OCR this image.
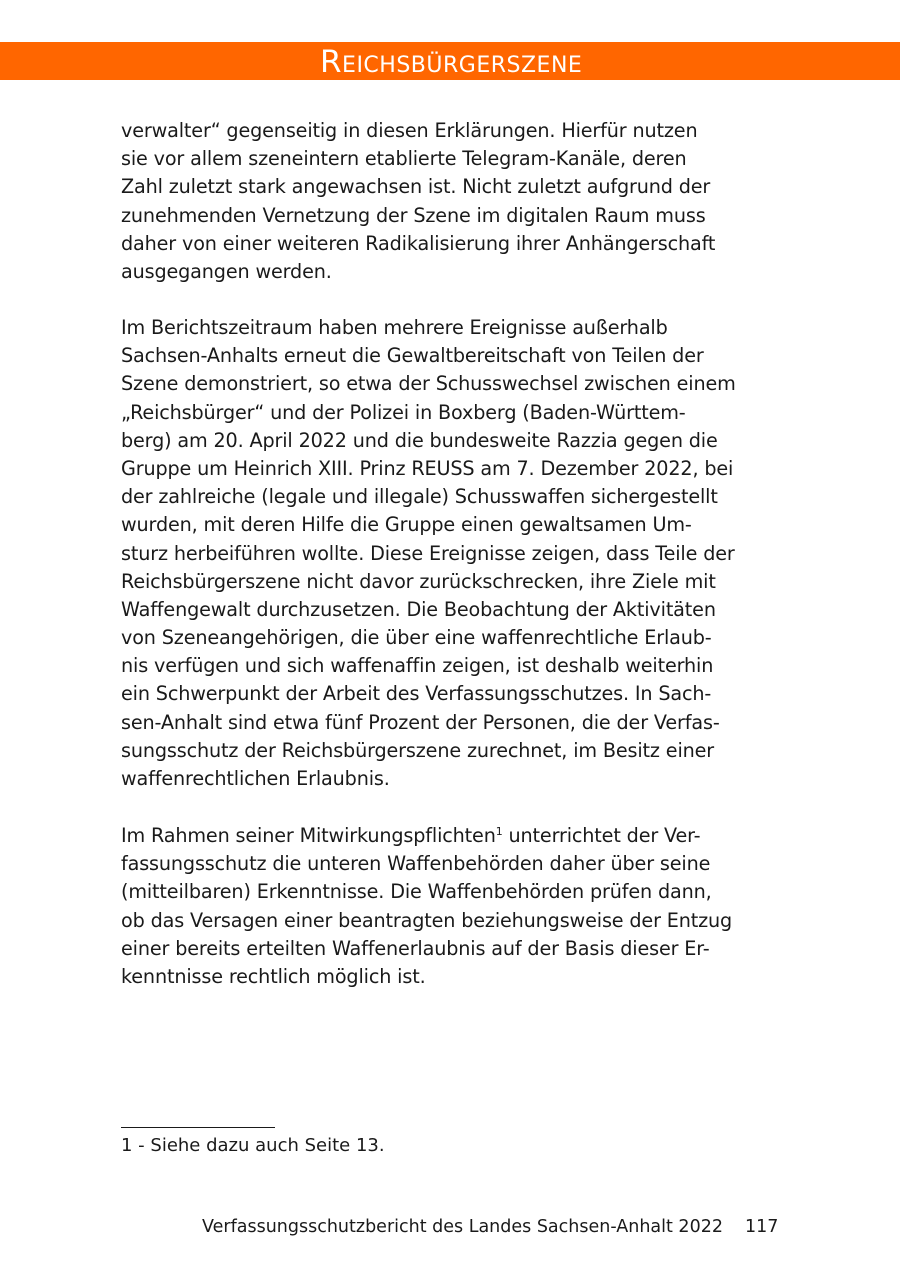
Reichsbürgerszene
verwalter“ gegenseitig in diesen Erklärungen. Hierfür nutzen
sie vor allem szeneintern etablierte Telegram-Kanäle, deren
Zahl zuletzt stark angewachsen ist. Nicht zuletzt aufgrund der
zunehmenden Vernetzung der Szene im digitalen Raum muss
daher von einer weiteren Radikalisierung ihrer Anhängerschaft
ausgegangen werden.
Im Berichtszeitraum haben mehrere Ereignisse außerhalb
Sachsen-Anhalts erneut die Gewaltbereitschaft von Teilen der
Szene demonstriert, so etwa der Schusswechsel zwischen einem
„Reichsbürger“ und der Polizei in Boxberg (Baden-Württem-
berg) am 20. April 2022 und die bundesweite Razzia gegen die
Gruppe um Heinrich XIII. Prinz REUSS am 7. Dezember 2022, bei
der zahlreiche (legale und illegale) Schusswaffen sichergestellt
wurden, mit deren Hilfe die Gruppe einen gewaltsamen Um-
sturz herbeiführen wollte. Diese Ereignisse zeigen, dass Teile der
Reichsbürgerszene nicht davor zurückschrecken, ihre Ziele mit
Waffengewalt durchzusetzen. Die Beobachtung der Aktivitäten
von Szeneangehörigen, die über eine waffenrechtliche Erlaub-
nis verfügen und sich waffenaffin zeigen, ist deshalb weiterhin
ein Schwerpunkt der Arbeit des Verfassungsschutzes. In Sach-
sen-Anhalt sind etwa fünf Prozent der Personen, die der Verfas-
sungsschutz der Reichsbürgerszene zurechnet, im Besitz einer
waffenrechtlichen Erlaubnis.
Im Rahmen seiner Mitwirkungspflichten$^1$ unterrichtet der Ver-
fassungsschutz die unteren Waffenbehörden daher über seine
(mitteilbaren) Erkenntnisse. Die Waffenbehörden prüfen dann,
ob das Versagen einer beantragten beziehungsweise der Entzug
einer bereits erteilten Waffenerlaubnis auf der Basis dieser Er-
kenntnisse rechtlich möglich ist.
1 - Siehe dazu auch Seite 13.
Verfassungsschutzbericht des Landes Sachsen-Anhalt 2022 117
